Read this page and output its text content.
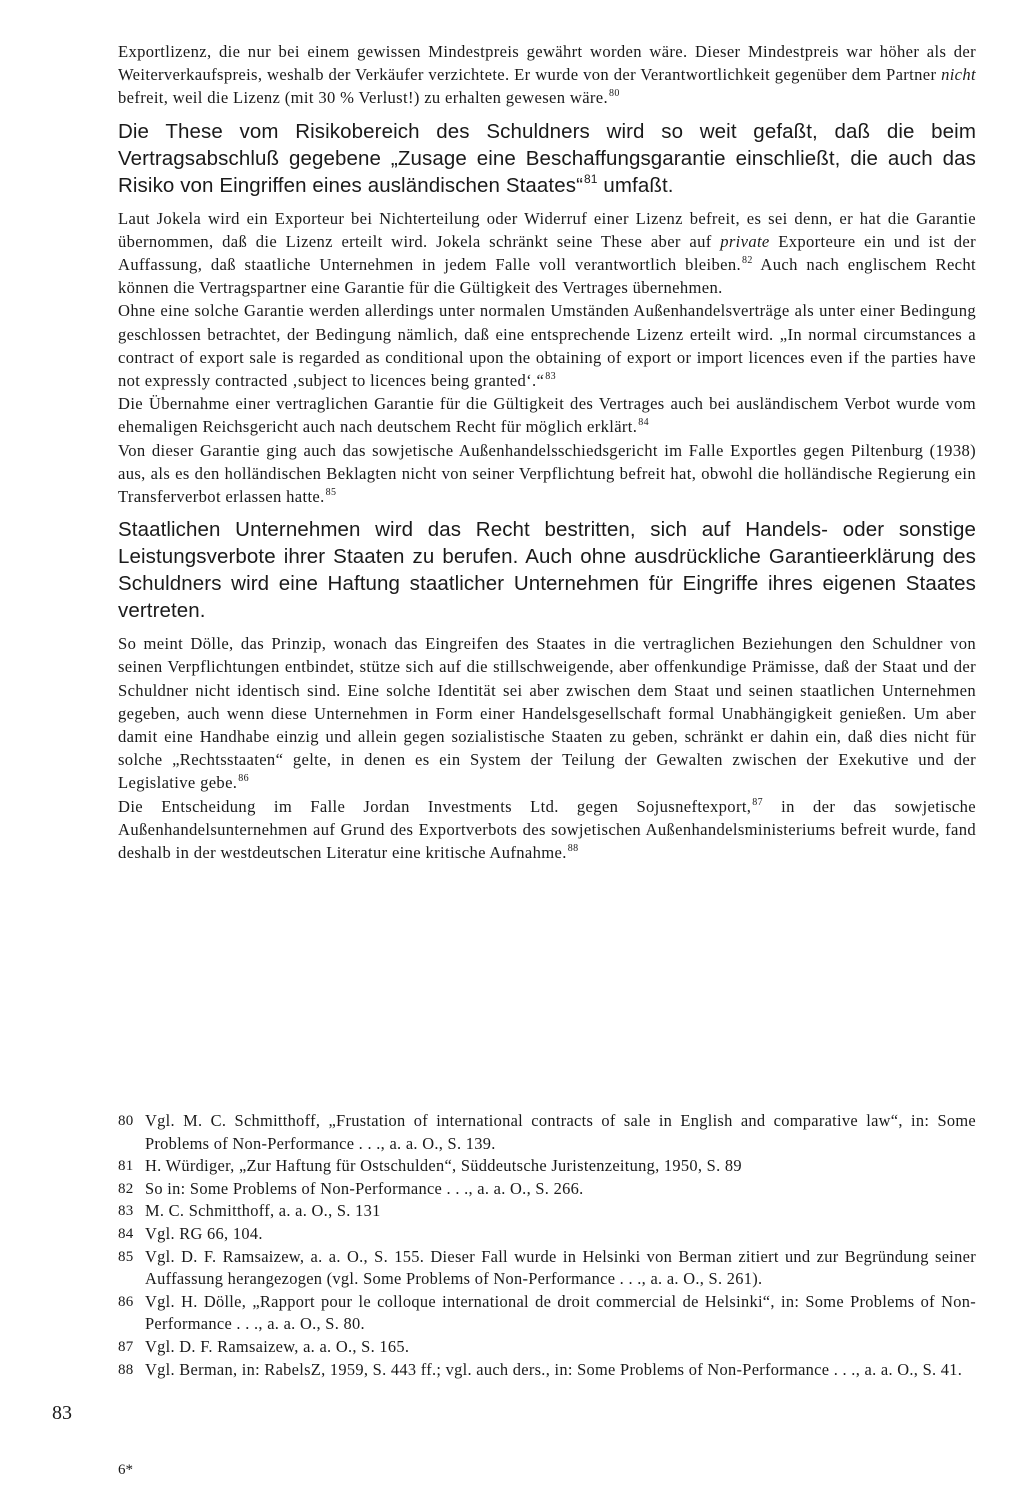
Exportlizenz, die nur bei einem gewissen Mindestpreis gewährt worden wäre. Dieser Mindestpreis war höher als der Weiterverkaufspreis, weshalb der Verkäufer verzichtete. Er wurde von der Verantwortlichkeit gegenüber dem Partner nicht befreit, weil die Lizenz (mit 30 % Verlust!) zu erhalten gewesen wäre.$^{80}$

Die These vom Risikobereich des Schuldners wird so weit gefaßt, daß die beim Vertragsabschluß gegebene „Zusage eine Beschaffungsgarantie einschließt, die auch das Risiko von Eingriffen eines ausländischen Staates“$^{81}$ umfaßt.

Laut Jokela wird ein Exporteur bei Nichterteilung oder Widerruf einer Lizenz befreit, es sei denn, er hat die Garantie übernommen, daß die Lizenz erteilt wird. Jokela schränkt seine These aber auf private Exporteure ein und ist der Auffassung, daß staatliche Unternehmen in jedem Falle voll verantwortlich bleiben.$^{82}$ Auch nach englischem Recht können die Vertragspartner eine Garantie für die Gültigkeit des Vertrages übernehmen.

Ohne eine solche Garantie werden allerdings unter normalen Umständen Außenhandelsverträge als unter einer Bedingung geschlossen betrachtet, der Bedingung nämlich, daß eine entsprechende Lizenz erteilt wird. „In normal circumstances a contract of export sale is regarded as conditional upon the obtaining of export or import licences even if the parties have not expressly contracted ‚subject to licences being granted‘.“$^{83}$

Die Übernahme einer vertraglichen Garantie für die Gültigkeit des Vertrages auch bei ausländischem Verbot wurde vom ehemaligen Reichsgericht auch nach deutschem Recht für möglich erklärt.$^{84}$

Von dieser Garantie ging auch das sowjetische Außenhandelsschiedsgericht im Falle Exportles gegen Piltenburg (1938) aus, als es den holländischen Beklagten nicht von seiner Verpflichtung befreit hat, obwohl die holländische Regierung ein Transferverbot erlassen hatte.$^{85}$

Staatlichen Unternehmen wird das Recht bestritten, sich auf Handels- oder sonstige Leistungsverbote ihrer Staaten zu berufen. Auch ohne ausdrückliche Garantieerklärung des Schuldners wird eine Haftung staatlicher Unternehmen für Eingriffe ihres eigenen Staates vertreten.

So meint Dölle, das Prinzip, wonach das Eingreifen des Staates in die vertraglichen Beziehungen den Schuldner von seinen Verpflichtungen entbindet, stütze sich auf die stillschweigende, aber offenkundige Prämisse, daß der Staat und der Schuldner nicht identisch sind. Eine solche Identität sei aber zwischen dem Staat und seinen staatlichen Unternehmen gegeben, auch wenn diese Unternehmen in Form einer Handelsgesellschaft formal Unabhängigkeit genießen. Um aber damit eine Handhabe einzig und allein gegen sozialistische Staaten zu geben, schränkt er dahin ein, daß dies nicht für solche „Rechtsstaaten“ gelte, in denen es ein System der Teilung der Gewalten zwischen der Exekutive und der Legislative gebe.$^{86}$

Die Entscheidung im Falle Jordan Investments Ltd. gegen Sojusneftexport,$^{87}$ in der das sowjetische Außenhandelsunternehmen auf Grund des Exportverbots des sowjetischen Außenhandelsministeriums befreit wurde, fand deshalb in der westdeutschen Literatur eine kritische Aufnahme.$^{88}$

80 Vgl. M. C. Schmitthoff, „Frustation of international contracts of sale in English and comparative law“, in: Some Problems of Non-Performance . . ., a. a. O., S. 139.
81 H. Würdiger, „Zur Haftung für Ostschulden“, Süddeutsche Juristenzeitung, 1950, S. 89
82 So in: Some Problems of Non-Performance . . ., a. a. O., S. 266.
83 M. C. Schmitthoff, a. a. O., S. 131
84 Vgl. RG 66, 104.
85 Vgl. D. F. Ramsaizew, a. a. O., S. 155. Dieser Fall wurde in Helsinki von Berman zitiert und zur Begründung seiner Auffassung herangezogen (vgl. Some Problems of Non-Performance . . ., a. a. O., S. 261).
86 Vgl. H. Dölle, „Rapport pour le colloque international de droit commercial de Helsinki“, in: Some Problems of Non-Performance . . ., a. a. O., S. 80.
87 Vgl. D. F. Ramsaizew, a. a. O., S. 165.
88 Vgl. Berman, in: RabelsZ, 1959, S. 443 ff.; vgl. auch ders., in: Some Problems of Non-Performance . . ., a. a. O., S. 41.
83
6*
